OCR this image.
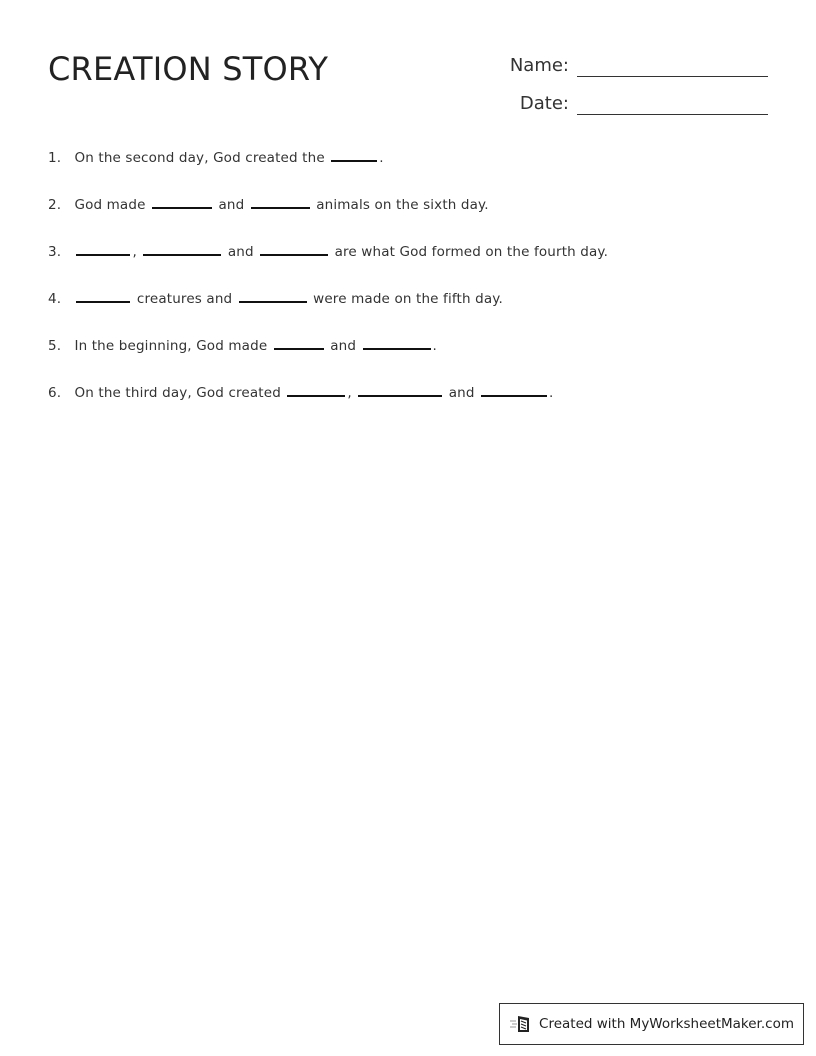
CREATION STORY	Name:
Date:
1. On the second day, God created the	.
2. God made	and	animals on the sixth day.
3.	,	and	are what God formed on the fourth day.
4.	creatures and	were made on the fifth day.
5. In the beginning, God made	and	.
6. On the third day, God created	,	and	.
Created with MyWorksheetMaker.com
